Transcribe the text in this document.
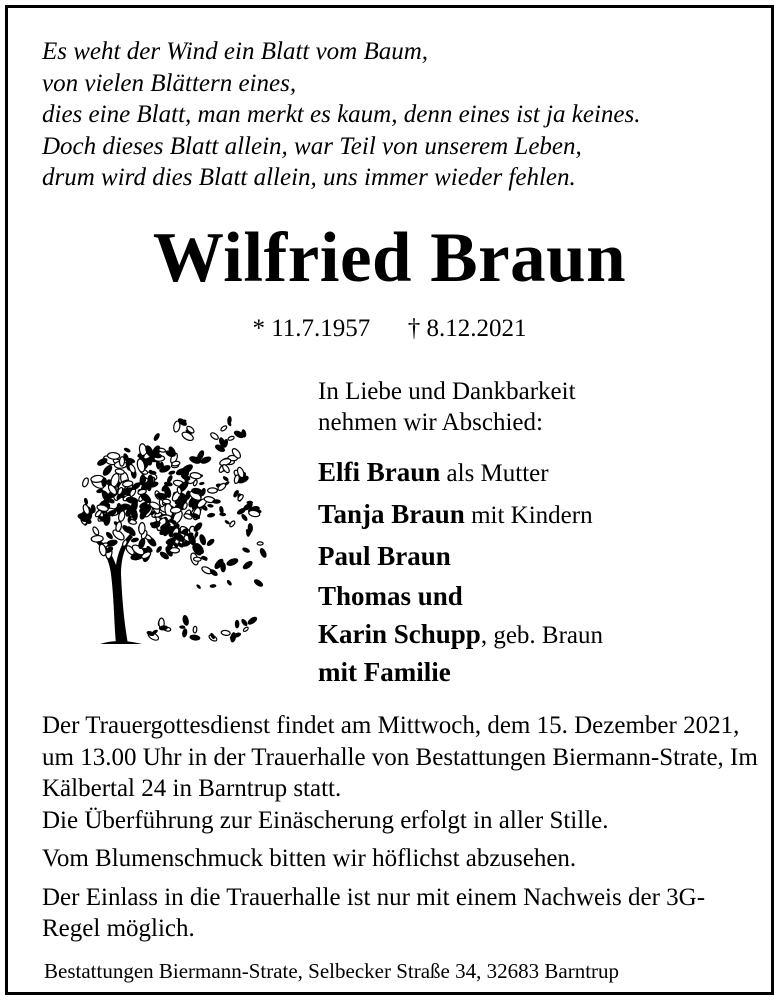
Es weht der Wind ein Blatt vom Baum,
von vielen Blättern eines,
dies eine Blatt, man merkt es kaum, denn eines ist ja keines.
Doch dieses Blatt allein, war Teil von unserem Leben,
drum wird dies Blatt allein, uns immer wieder fehlen.
Wilfried Braun
* 11.7.1957 † 8.12.2021
In Liebe und Dankbarkeit
nehmen wir Abschied:
Elfi Braun als Mutter
Tanja Braun mit Kindern
Paul Braun
Thomas und
Karin Schupp, geb. Braun
mit Familie

Der Trauergottesdienst findet am Mittwoch, dem 15. Dezember 2021, um 13.00 Uhr in der Trauerhalle von Bestattungen Biermann-Strate, Im Kälbertal 24 in Barntrup statt.

Die Überführung zur Einäscherung erfolgt in aller Stille.

Vom Blumenschmuck bitten wir höflichst abzusehen.

Der Einlass in die Trauerhalle ist nur mit einem Nachweis der 3G-Regel möglich.

Bestattungen Biermann-Strate, Selbecker Straße 34, 32683 Barntrup
